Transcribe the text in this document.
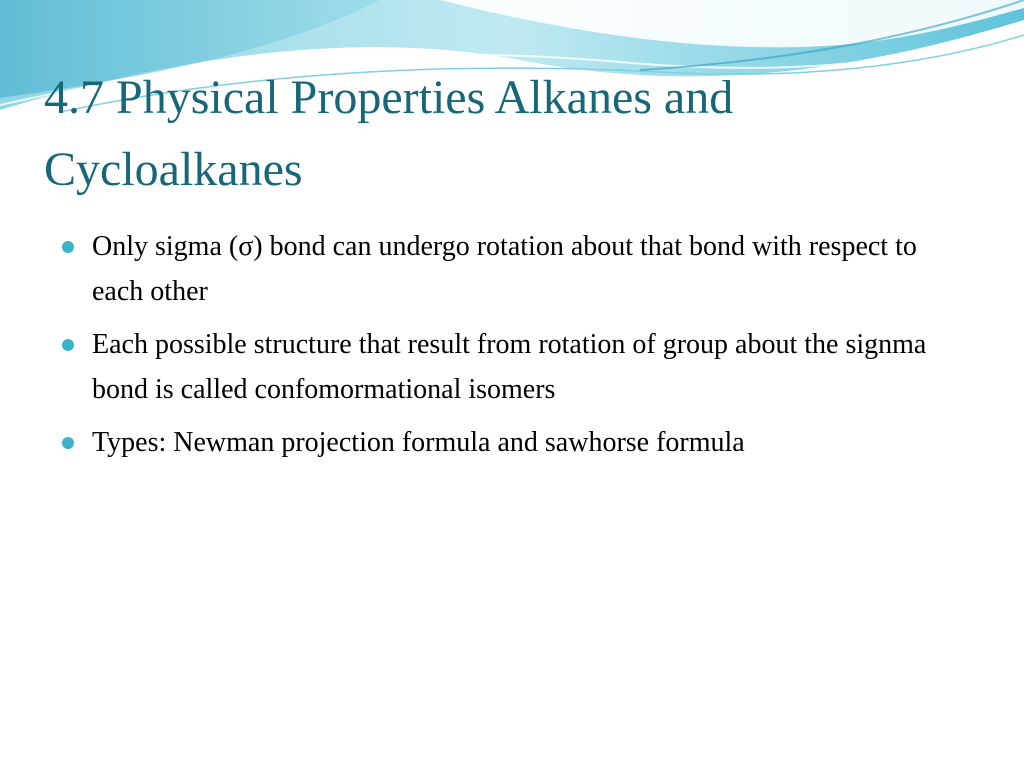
4.7 Physical Properties Alkanes and Cycloalkanes
Only sigma (σ) bond can undergo rotation about that bond with respect to each other
Each possible structure that result from rotation of group about the signma bond is called confomormational isomers
Types: Newman projection formula and sawhorse formula
